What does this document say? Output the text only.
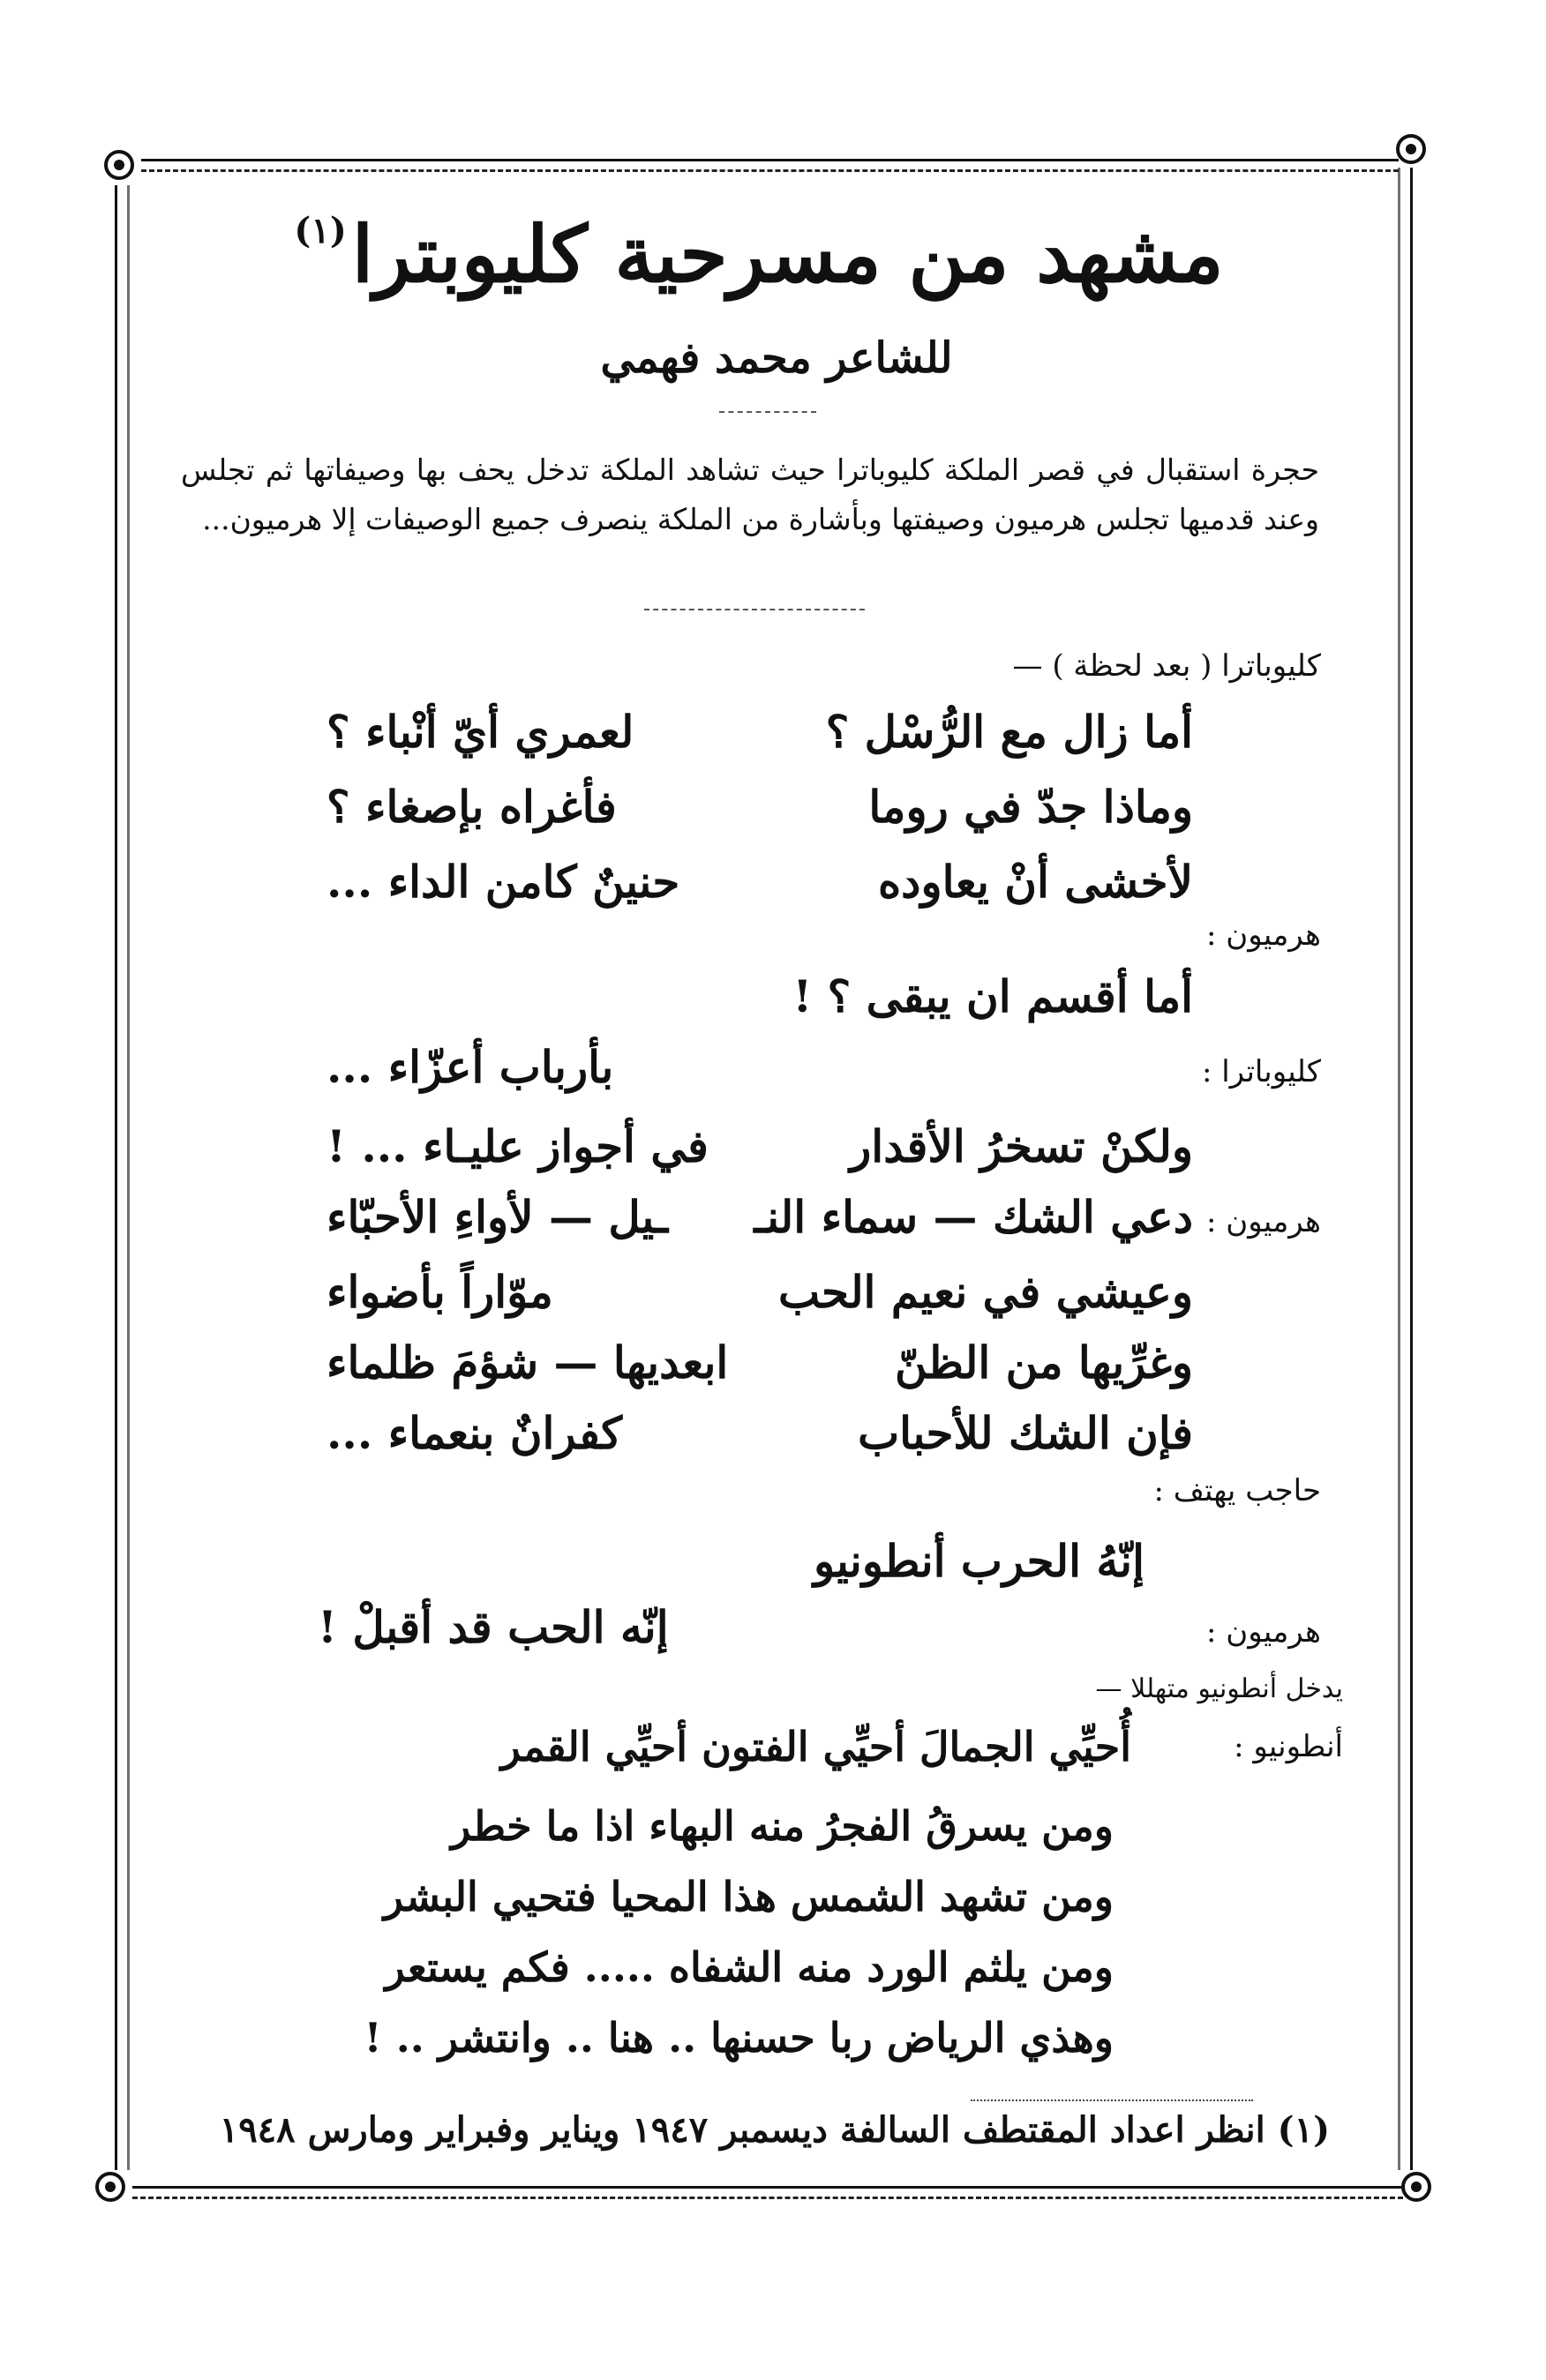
مشهد من مسرحية كليوبترا$^{(١)}$
للشاعر محمد فهمي
حجرة استقبال في قصر الملكة كليوباترا حيث تشاهد الملكة تدخل يحف بها وصيفاتها ثم تجلس وعند قدميها تجلس هرميون وصيفتها وبأشارة من الملكة ينصرف جميع الوصيفات إلا هرميون...
كليوباترا ( بعد لحظة ) —
أما زال مع الرُّسْل ؟
لعمري أيّ أنْباء ؟
وماذا جدّ في روما
فأغراه بإصغاء ؟
لأخشى أنْ يعاوده
حنينٌ كامن الداء ...
هرميون :
أما أقسم ان يبقى ؟ !
كليوباترا :
بأرباب أعزّاء ...
ولكنْ تسخرُ الأقدار
في أجواز عليـاء ... !
هرميون :
دعي الشك — سماء النـ
ـيل — لأواءِ الأحبّاء
وعيشي في نعيم الحب
موّاراً بأضواء
وغرِّيها من الظنّ
ابعديها — شؤمَ ظلماء
فإن الشك للأحباب
كفرانٌ بنعماء ...
حاجب يهتف :
إنّهُ الحرب أنطونيو
هرميون :
إنّه الحب قد أقبلْ !
يدخل أنطونيو متهللا —
أنطونيو :
أُحيِّي الجمالَ أحيِّي الفتون أحيِّي القمر
ومن يسرقُ الفجرُ منه البهاء اذا ما خطر
ومن تشهد الشمس هذا المحيا فتحيي البشر
ومن يلثم الورد منه الشفاه ..... فكم يستعر
وهذي الرياض ربا حسنها .. هنا .. وانتشر .. !
(١) انظر اعداد المقتطف السالفة ديسمبر ١٩٤٧ ويناير وفبراير ومارس ١٩٤٨
